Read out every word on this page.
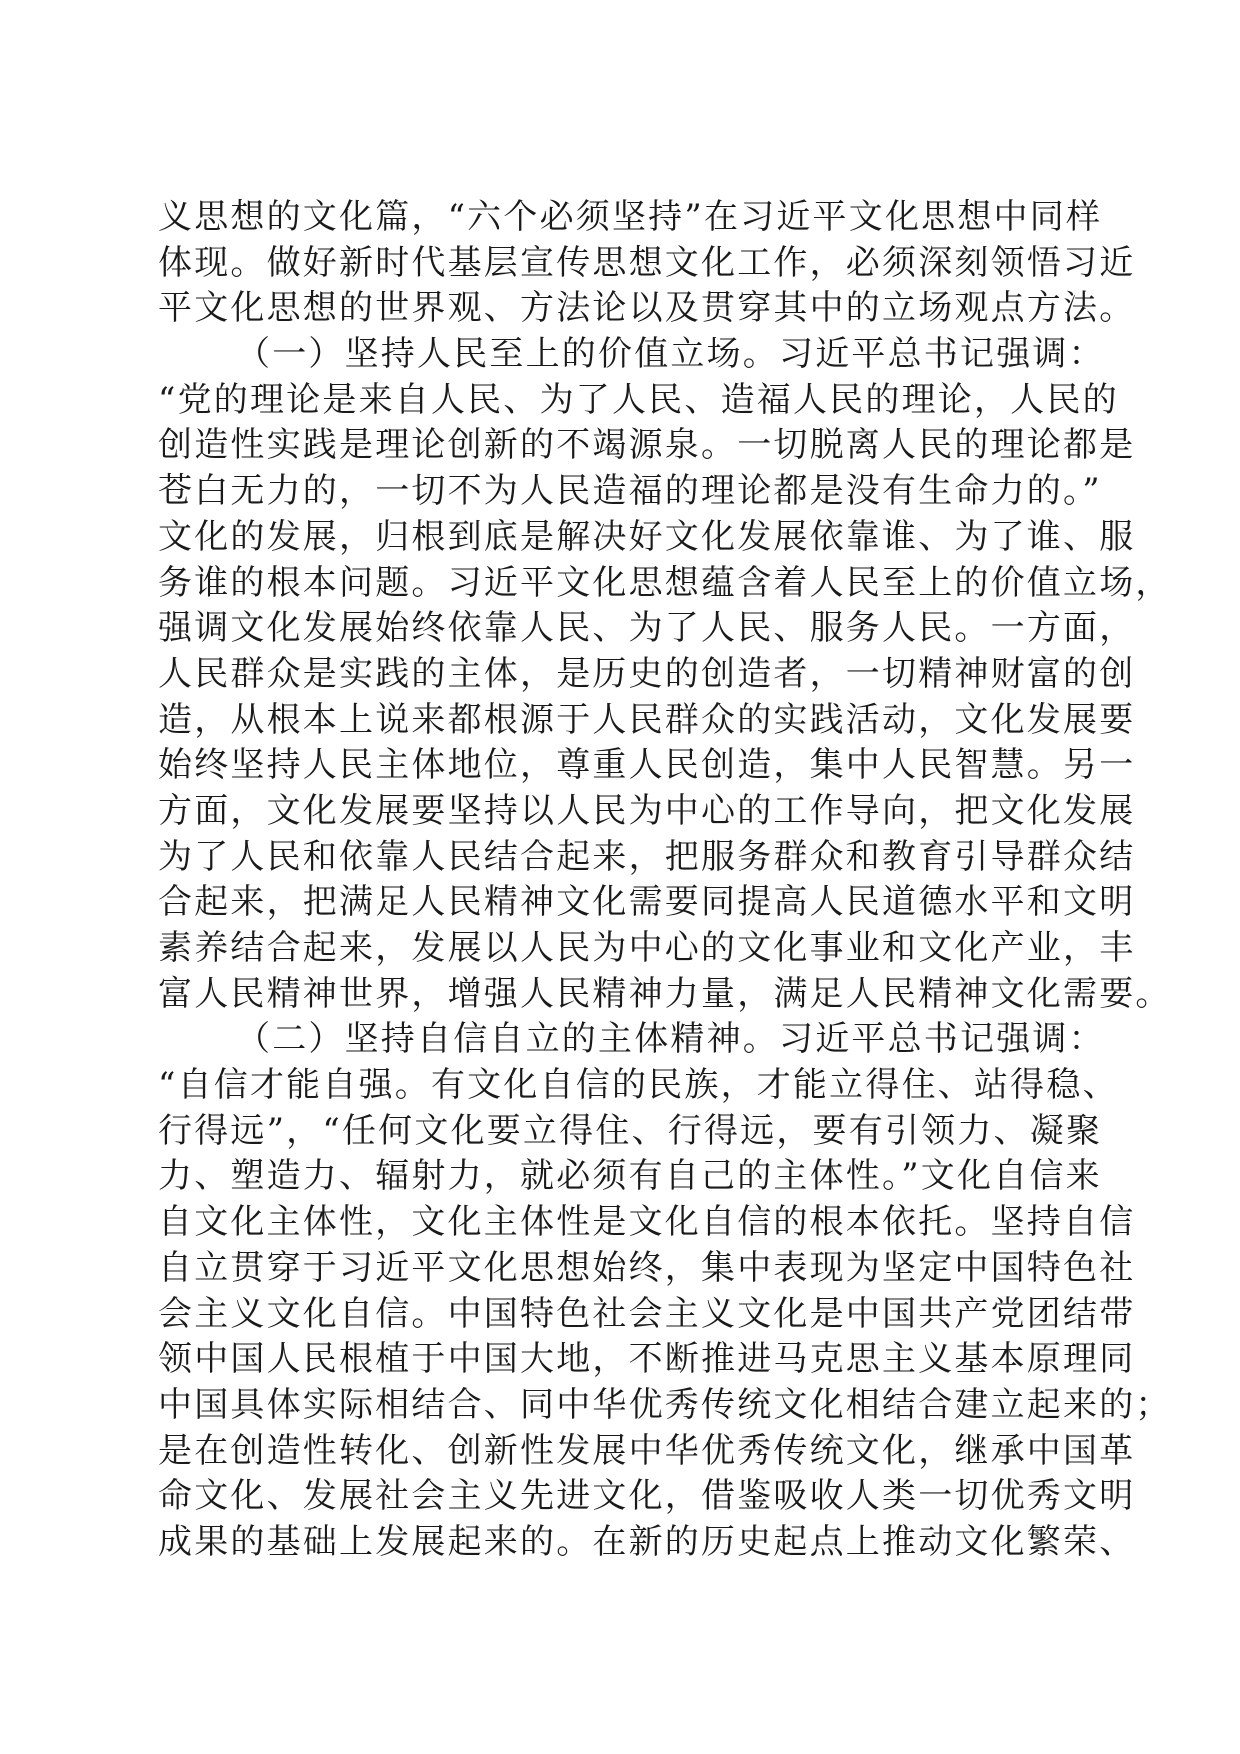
义思想的文化篇，“六个必须坚持”在习近平文化思想中同样
体现。做好新时代基层宣传思想文化工作，必须深刻领悟习近
平文化思想的世界观、方法论以及贯穿其中的立场观点方法。
（一）坚持人民至上的价值立场。习近平总书记强调：
“党的理论是来自人民、为了人民、造福人民的理论，人民的
创造性实践是理论创新的不竭源泉。一切脱离人民的理论都是
苍白无力的，一切不为人民造福的理论都是没有生命力的。”
文化的发展，归根到底是解决好文化发展依靠谁、为了谁、服
务谁的根本问题。习近平文化思想蕴含着人民至上的价值立场，
强调文化发展始终依靠人民、为了人民、服务人民。一方面，
人民群众是实践的主体，是历史的创造者，一切精神财富的创
造，从根本上说来都根源于人民群众的实践活动，文化发展要
始终坚持人民主体地位，尊重人民创造，集中人民智慧。另一
方面，文化发展要坚持以人民为中心的工作导向，把文化发展
为了人民和依靠人民结合起来，把服务群众和教育引导群众结
合起来，把满足人民精神文化需要同提高人民道德水平和文明
素养结合起来，发展以人民为中心的文化事业和文化产业，丰
富人民精神世界，增强人民精神力量，满足人民精神文化需要。
（二）坚持自信自立的主体精神。习近平总书记强调：
“自信才能自强。有文化自信的民族，才能立得住、站得稳、
行得远”，“任何文化要立得住、行得远，要有引领力、凝聚
力、塑造力、辐射力，就必须有自己的主体性。”文化自信来
自文化主体性，文化主体性是文化自信的根本依托。坚持自信
自立贯穿于习近平文化思想始终，集中表现为坚定中国特色社
会主义文化自信。中国特色社会主义文化是中国共产党团结带
领中国人民根植于中国大地，不断推进马克思主义基本原理同
中国具体实际相结合、同中华优秀传统文化相结合建立起来的；
是在创造性转化、创新性发展中华优秀传统文化，继承中国革
命文化、发展社会主义先进文化，借鉴吸收人类一切优秀文明
成果的基础上发展起来的。在新的历史起点上推动文化繁荣、
